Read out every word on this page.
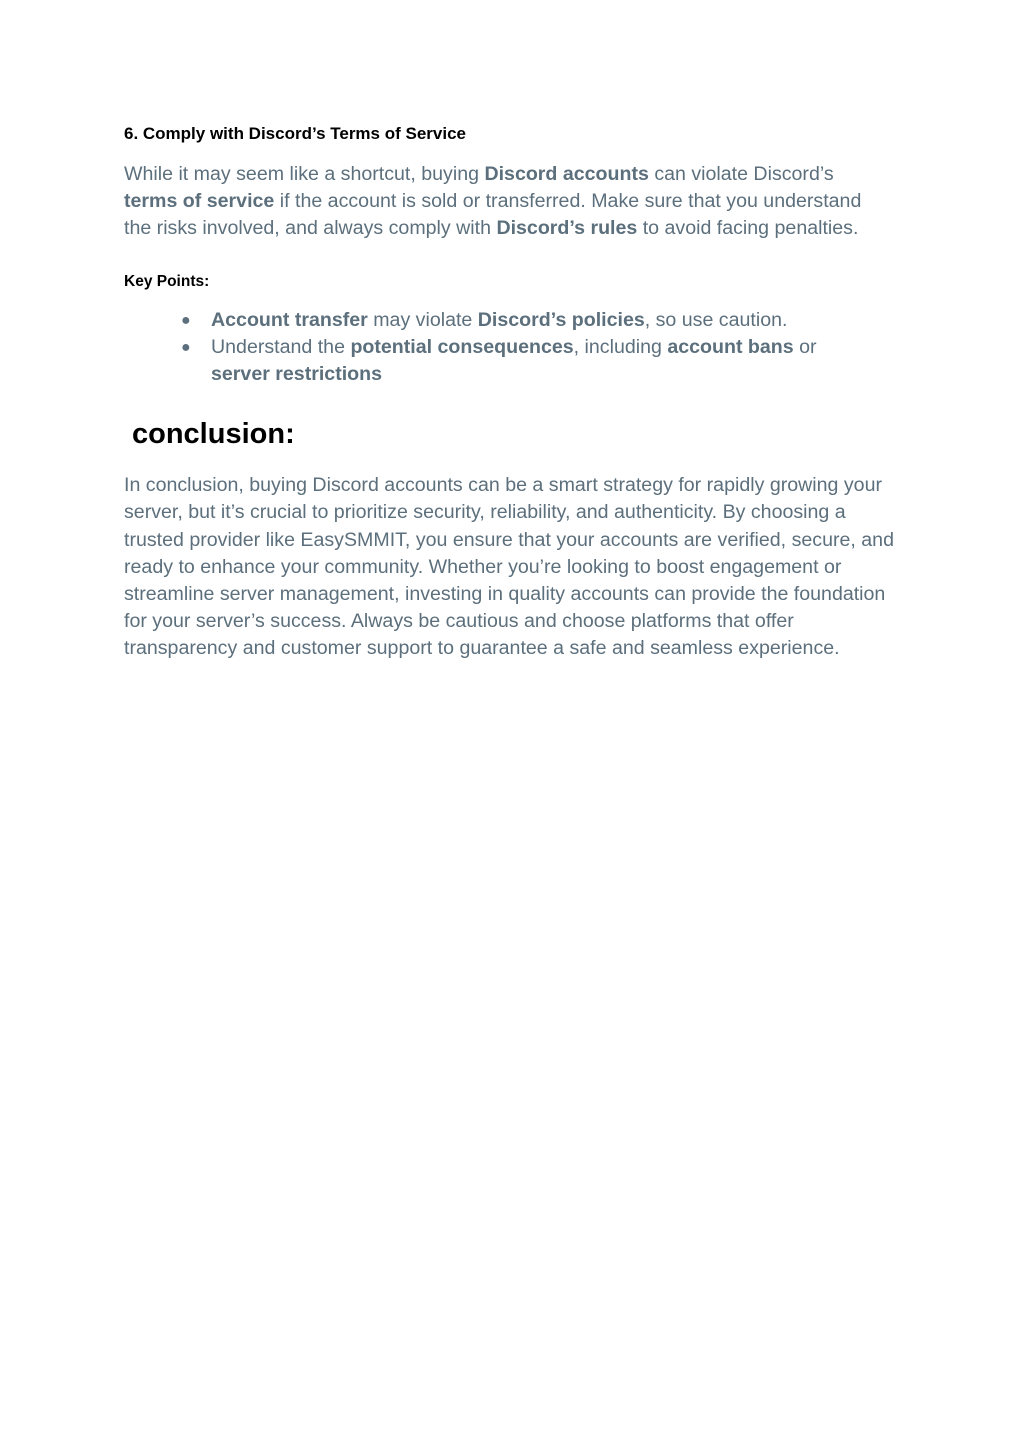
6. Comply with Discord’s Terms of Service

While it may seem like a shortcut, buying Discord accounts can violate Discord’s terms of service if the account is sold or transferred. Make sure that you understand the risks involved, and always comply with Discord’s rules to avoid facing penalties.

Key Points:
● Account transfer may violate Discord’s policies, so use caution.
● Understand the potential consequences, including account bans or
server restrictions
conclusion:

In conclusion, buying Discord accounts can be a smart strategy for rapidly growing your server, but it’s crucial to prioritize security, reliability, and authenticity. By choosing a trusted provider like EasySMMIT, you ensure that your accounts are verified, secure, and ready to enhance your community. Whether you’re looking to boost engagement or streamline server management, investing in quality accounts can provide the foundation for your server’s success. Always be cautious and choose platforms that offer transparency and customer support to guarantee a safe and seamless experience.
